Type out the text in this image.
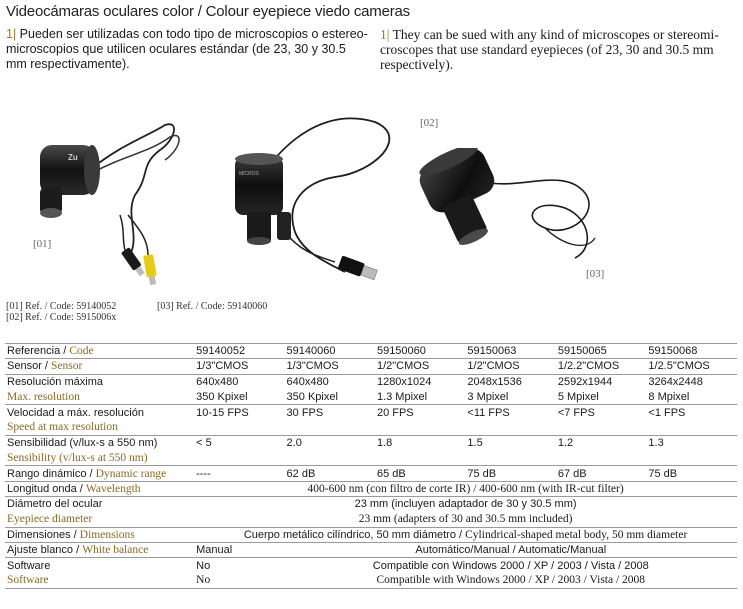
Videocámaras oculares color / Colour eyepiece viedo cameras

1| Pueden ser utilizadas con todo tipo de microscopios o estereo-microscopios que utilicen oculares estándar (de 23, 30 y 30.5 mm respectivamente).

1| They can be sued with any kind of microscopes or stereomi-croscopes that use standard eyepieces (of 23, 30 and 30.5 mm respectively).

Zu
[01]
MICROS
[02]
[03]
[01] Ref. / Code: 59140052
[02] Ref. / Code: 5915006x
[03] Ref. / Code: 59140060
Referencia / Code	59140052	59140060	59150060	59150063	59150065	59150068
Sensor / Sensor	1/3"CMOS	1/3"CMOS	1/2"CMOS	1/2"CMOS	1/2.2"CMOS	1/2.5"CMOS
Resolución máxima	640x480	640x480	1280x1024	2048x1536	2592x1944	3264x2448
Max. resolution	350 Kpixel	350 Kpixel	1.3 Mpixel	3 Mpixel	5 Mpixel	8 Mpixel
Velocidad a máx. resolución	10-15 FPS	30 FPS	20 FPS	<11 FPS	<7 FPS	<1 FPS
Speed at max resolution						
Sensibilidad (v/lux-s a 550 nm)	< 5	2.0	1.8	1.5	1.2	1.3
Sensibility (v/lux-s at 550 nm)						
Rango dinámico / Dynamic range	----	62 dB	65 dB	75 dB	67 dB	75 dB
Longitud onda / Wavelength	400-600 nm (con filtro de corte IR) / 400-600 nm (with IR-cut filter)					
Diámetro del ocular	23 mm (incluyen adaptador de 30 y 30.5 mm)					
Eyepiece diameter	23 mm (adapters of 30 and 30.5 mm included)					
Dimensiones / Dimensions	Cuerpo metálico cilíndrico, 50 mm diámetro / Cylindrical-shaped metal body, 50 mm diameter					
Ajuste blanco / White balance	Manual	Automático/Manual / Automatic/Manual				
Software	No	Compatible con Windows 2000 / XP / 2003 / Vista / 2008				
Software	No	Compatible with Windows 2000 / XP / 2003 / Vista / 2008				
